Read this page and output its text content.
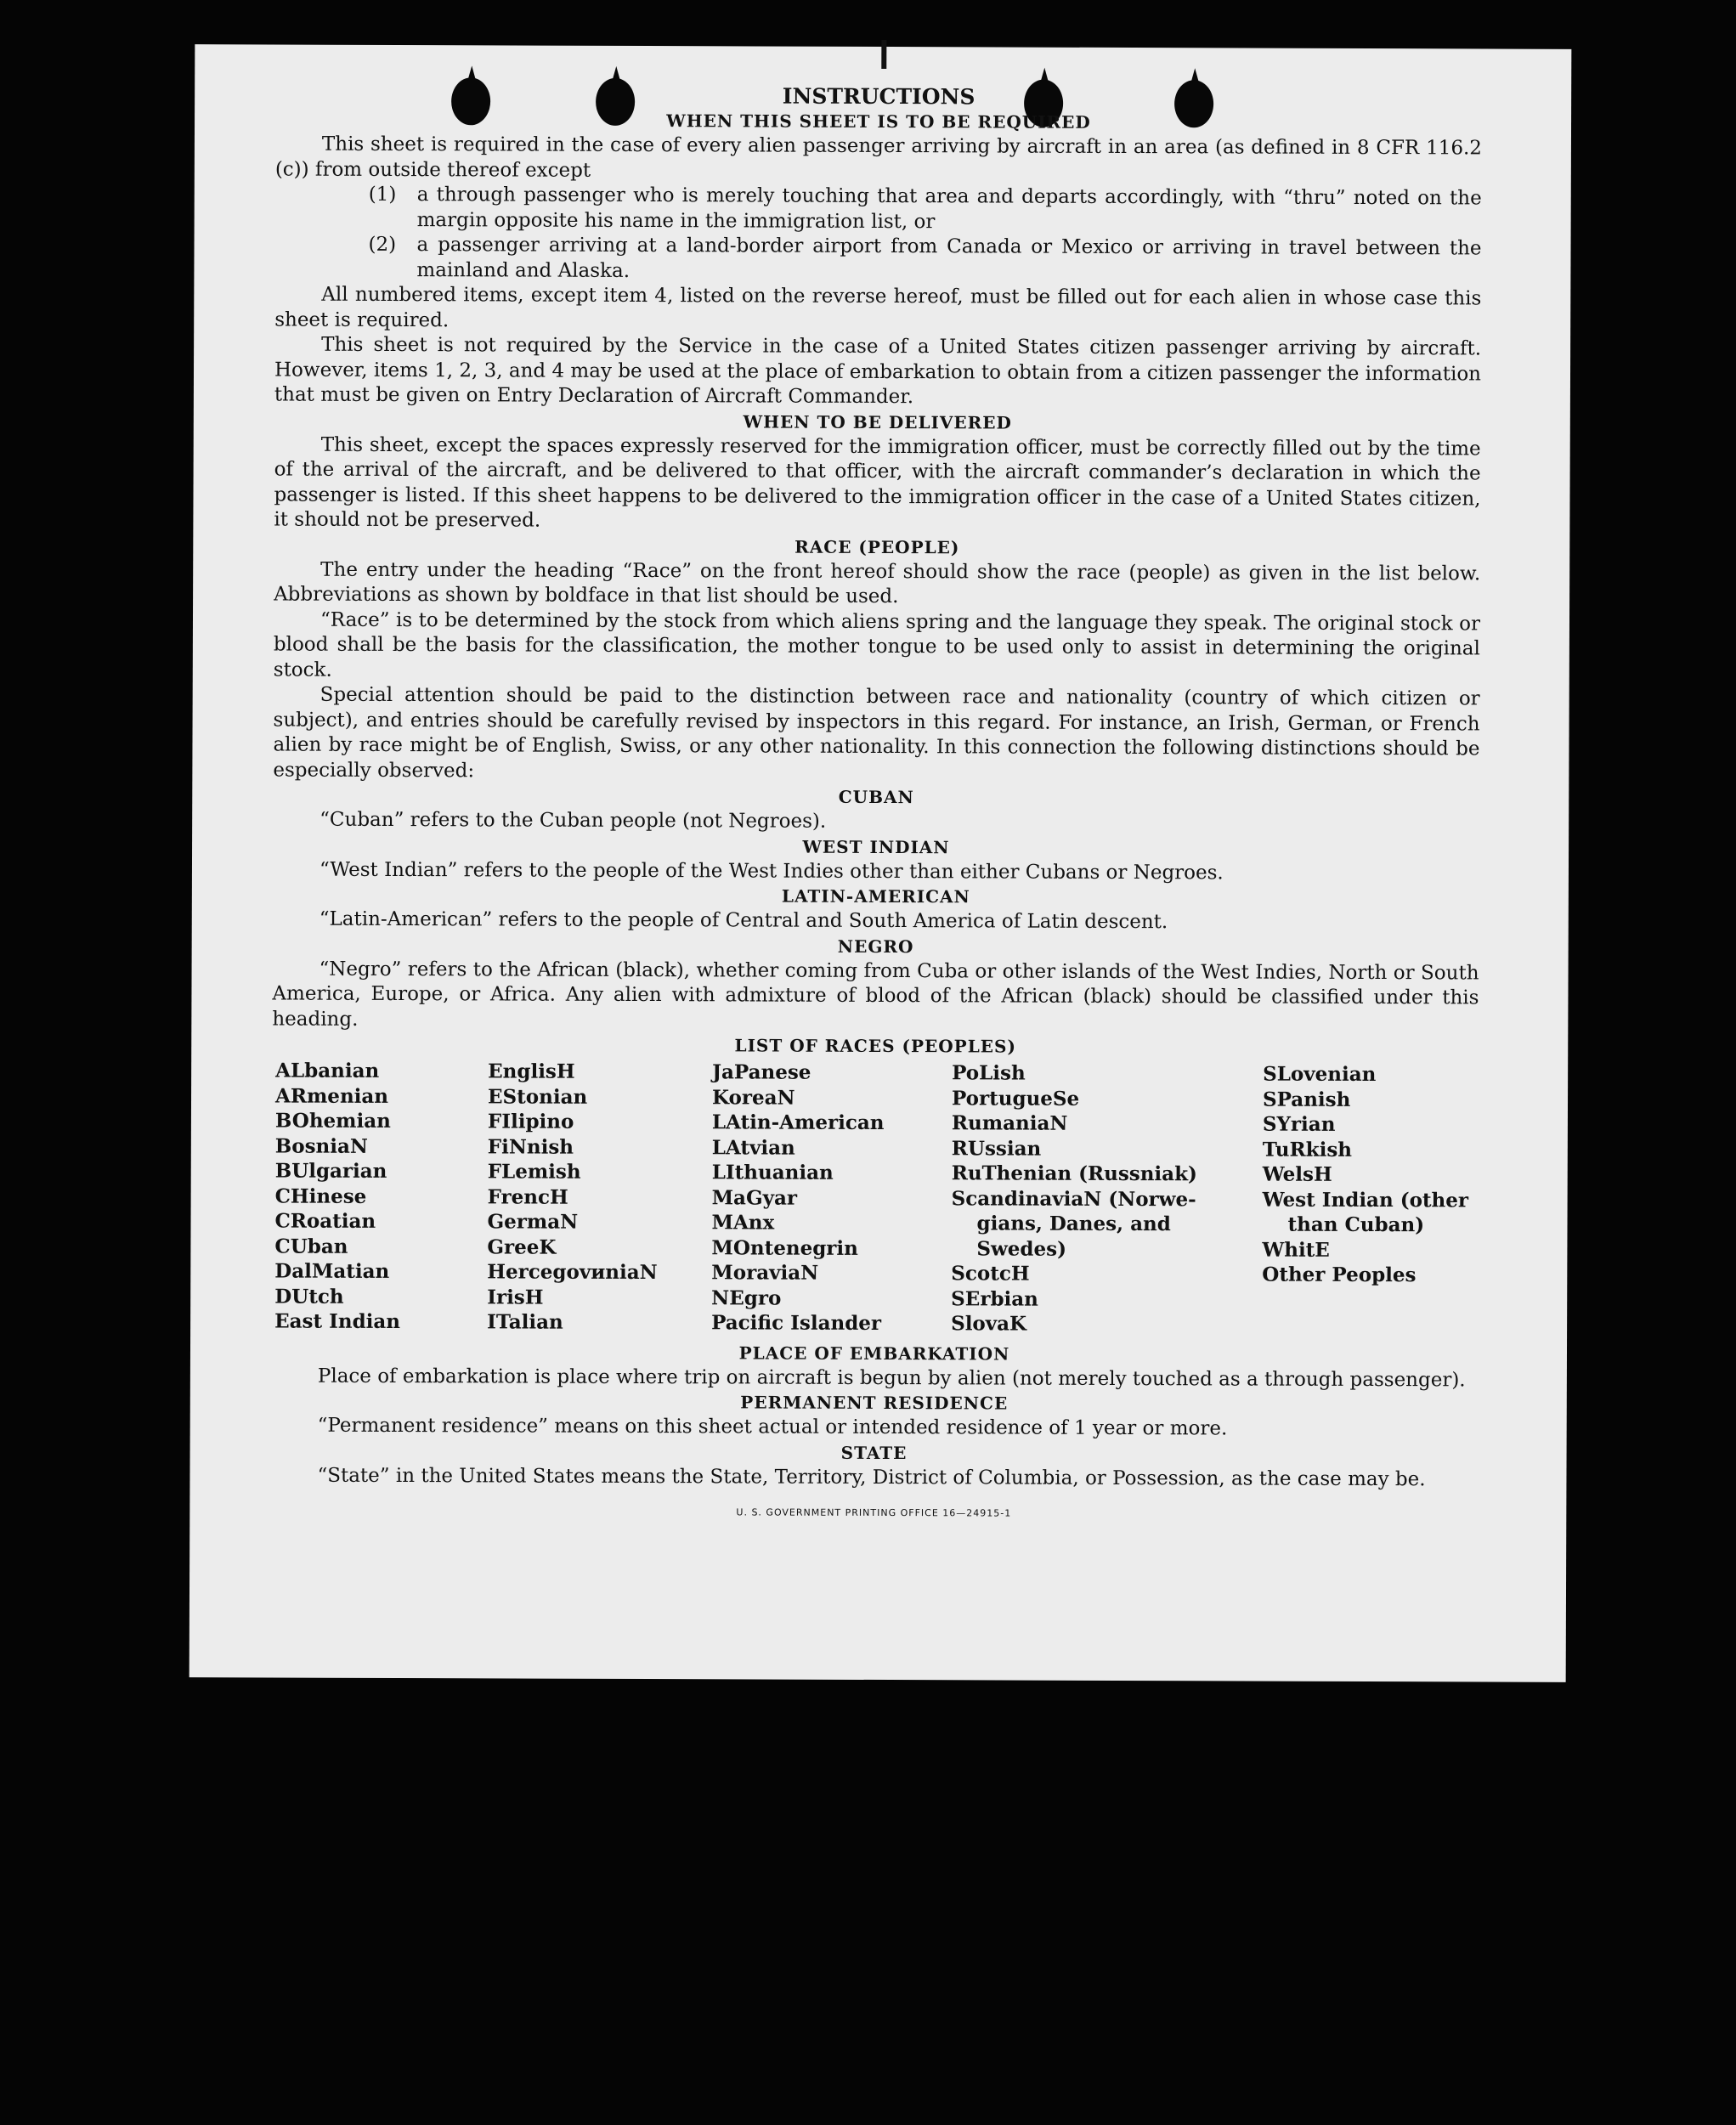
INSTRUCTIONS
WHEN THIS SHEET IS TO BE REQUIRED

This sheet is required in the case of every alien passenger arriving by aircraft in an area (as defined in 8 CFR 116.2 (c)) from outside thereof except

(1)	a through passenger who is merely touching that area and departs accordingly, with “thru” noted on the margin opposite his name in the immigration list, or
(2)	a passenger arriving at a land-border airport from Canada or Mexico or arriving in travel between the mainland and Alaska.

All numbered items, except item 4, listed on the reverse hereof, must be filled out for each alien in whose case this sheet is required.

This sheet is not required by the Service in the case of a United States citizen passenger arriving by aircraft. However, items 1, 2, 3, and 4 may be used at the place of embarkation to obtain from a citizen passenger the information that must be given on Entry Declaration of Aircraft Commander.

WHEN TO BE DELIVERED

This sheet, except the spaces expressly reserved for the immigration officer, must be correctly filled out by the time of the arrival of the aircraft, and be delivered to that officer, with the aircraft commander’s declaration in which the passenger is listed. If this sheet happens to be delivered to the immigration officer in the case of a United States citizen, it should not be preserved.

RACE (PEOPLE)

The entry under the heading “Race” on the front hereof should show the race (people) as given in the list below. Abbreviations as shown by boldface in that list should be used.

“Race” is to be determined by the stock from which aliens spring and the language they speak. The original stock or blood shall be the basis for the classification, the mother tongue to be used only to assist in determining the original stock.

Special attention should be paid to the distinction between race and nationality (country of which citizen or subject), and entries should be carefully revised by inspectors in this regard. For instance, an Irish, German, or French alien by race might be of English, Swiss, or any other nationality. In this connection the following distinctions should be especially observed:

CUBAN

“Cuban” refers to the Cuban people (not Negroes).

WEST INDIAN

“West Indian” refers to the people of the West Indies other than either Cubans or Negroes.

LATIN-AMERICAN

“Latin-American” refers to the people of Central and South America of Latin descent.

NEGRO

“Negro” refers to the African (black), whether coming from Cuba or other islands of the West Indies, North or South America, Europe, or Africa. Any alien with admixture of blood of the African (black) should be classified under this heading.

LIST OF RACES (PEOPLES)
ALbanian
ARmenian
BOhemian
BosniaN
BUlgarian
CHinese
CRoatian
CUban
DalMatian
DUtch
East Indian
EnglisH
EStonian
FIlipino
FiNnish
FLemish
FrencH
GermaN
GreeK
HercegovиniaN
IrisH
ITalian
JaPanese
KoreaN
LAtin-American
LAtvian
LIthuanian
MaGyar
MAnx
MOntenegrin
MoraviaN
NEgro
Pacific Islander
PoLish
PortugueSe
RumaniaN
RUssian
RuThenian (Russniak)
ScandinaviaN (Norwe-
gians, Danes, and
Swedes)
ScotcH
SErbian
SlovaK
SLovenian
SPanish
SYrian
TuRkish
WelsH
West Indian (other
than Cuban)
WhitE
Other Peoples
PLACE OF EMBARKATION

Place of embarkation is place where trip on aircraft is begun by alien (not merely touched as a through passenger).

PERMANENT RESIDENCE

“Permanent residence” means on this sheet actual or intended residence of 1 year or more.

STATE

“State” in the United States means the State, Territory, District of Columbia, or Possession, as the case may be.

U. S. GOVERNMENT PRINTING OFFICE 16—24915-1
